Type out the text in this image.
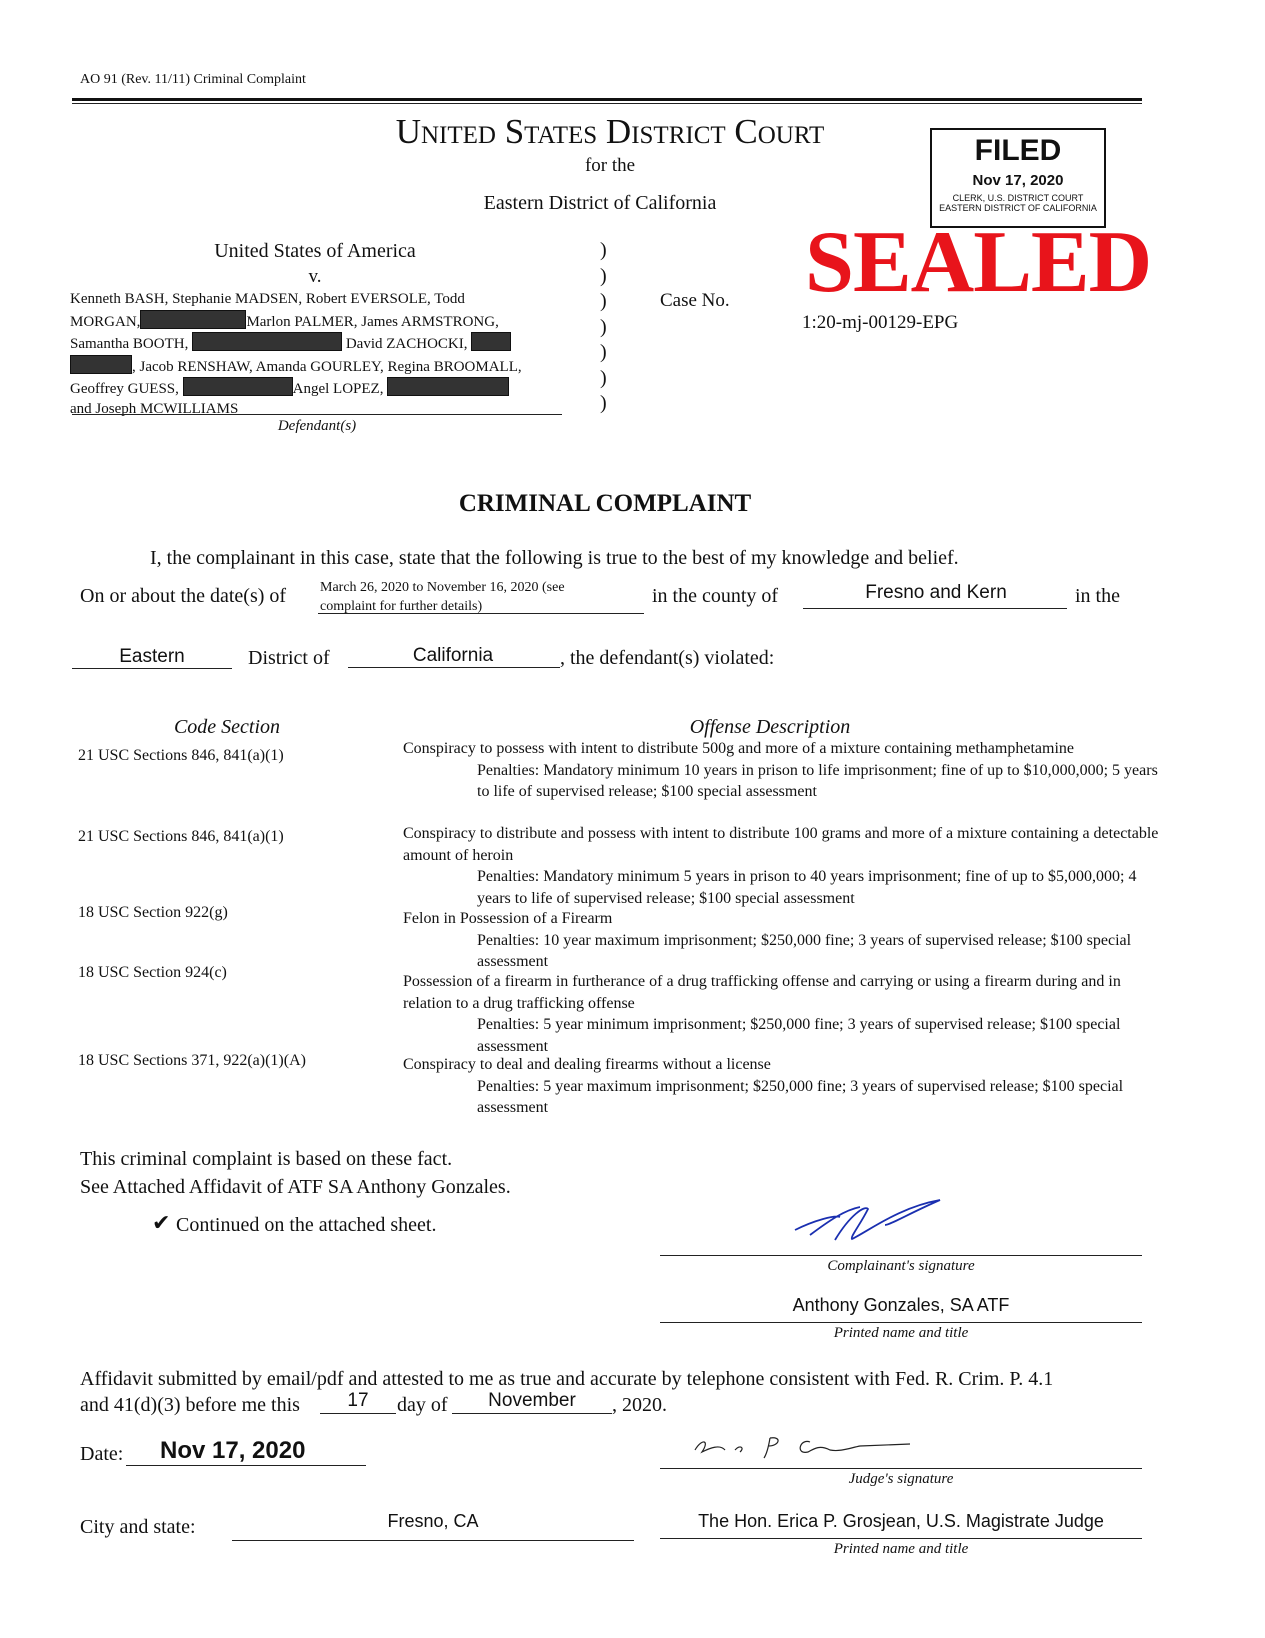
AO 91 (Rev. 11/11) Criminal Complaint
United States District Court
for the
Eastern District of California
FILED
Nov 17, 2020
CLERK, U.S. DISTRICT COURT
EASTERN DISTRICT OF CALIFORNIA
SEALED
United States of America
v.
Kenneth BASH, Stephanie MADSEN, Robert EVERSOLE, Todd
MORGAN,	Marlon PALMER, James ARMSTRONG,
Samantha BOOTH,	David ZACHOCKI,
, Jacob RENSHAW, Amanda GOURLEY, Regina BROOMALL,
Geoffrey GUESS,	Angel LOPEZ,
and Joseph MCWILLIAMS
Defendant(s)
)
)
)
)
)
)
)
Case No.
1:20-mj-00129-EPG
CRIMINAL COMPLAINT
I, the complainant in this case, state that the following is true to the best of my knowledge and belief.
On or about the date(s) of March 26, 2020 to November 16, 2020 (see
complaint for further details)	in the county of	Fresno and Kern	in the
Eastern	District of	California	, the defendant(s) violated:
Code Section	Offense Description
21 USC Sections 846, 841(a)(1)	Conspiracy to possess with intent to distribute 500g and more of a mixture containing methamphetamine
Penalties: Mandatory minimum 10 years in prison to life imprisonment; fine of up to $10,000,000; 5 years to life of supervised release; $100 special assessment
21 USC Sections 846, 841(a)(1)	Conspiracy to distribute and possess with intent to distribute 100 grams and more of a mixture containing a detectable amount of heroin
Penalties: Mandatory minimum 5 years in prison to 40 years imprisonment; fine of up to $5,000,000; 4 years to life of supervised release; $100 special assessment
18 USC Section 922(g)	Felon in Possession of a Firearm
Penalties: 10 year maximum imprisonment; $250,000 fine; 3 years of supervised release; $100 special assessment
18 USC Section 924(c)
Possession of a firearm in furtherance of a drug trafficking offense and carrying or using a firearm during and in relation to a drug trafficking offense
Penalties: 5 year minimum imprisonment; $250,000 fine; 3 years of supervised release; $100 special assessment
18 USC Sections 371, 922(a)(1)(A)	Conspiracy to deal and dealing firearms without a license
Penalties: 5 year maximum imprisonment; $250,000 fine; 3 years of supervised release; $100 special assessment
This criminal complaint is based on these fact.
See Attached Affidavit of ATF SA Anthony Gonzales.
✔ Continued on the attached sheet.
Complainant's signature
Anthony Gonzales, SA ATF
Printed name and title
Affidavit submitted by email/pdf and attested to me as true and accurate by telephone consistent with Fed. R. Crim. P. 4.1
and 41(d)(3) before me this	17	day of	November	, 2020.
Date:	Nov 17, 2020
Judge's signature
City and state:	Fresno, CA	The Hon. Erica P. Grosjean, U.S. Magistrate Judge
Printed name and title
